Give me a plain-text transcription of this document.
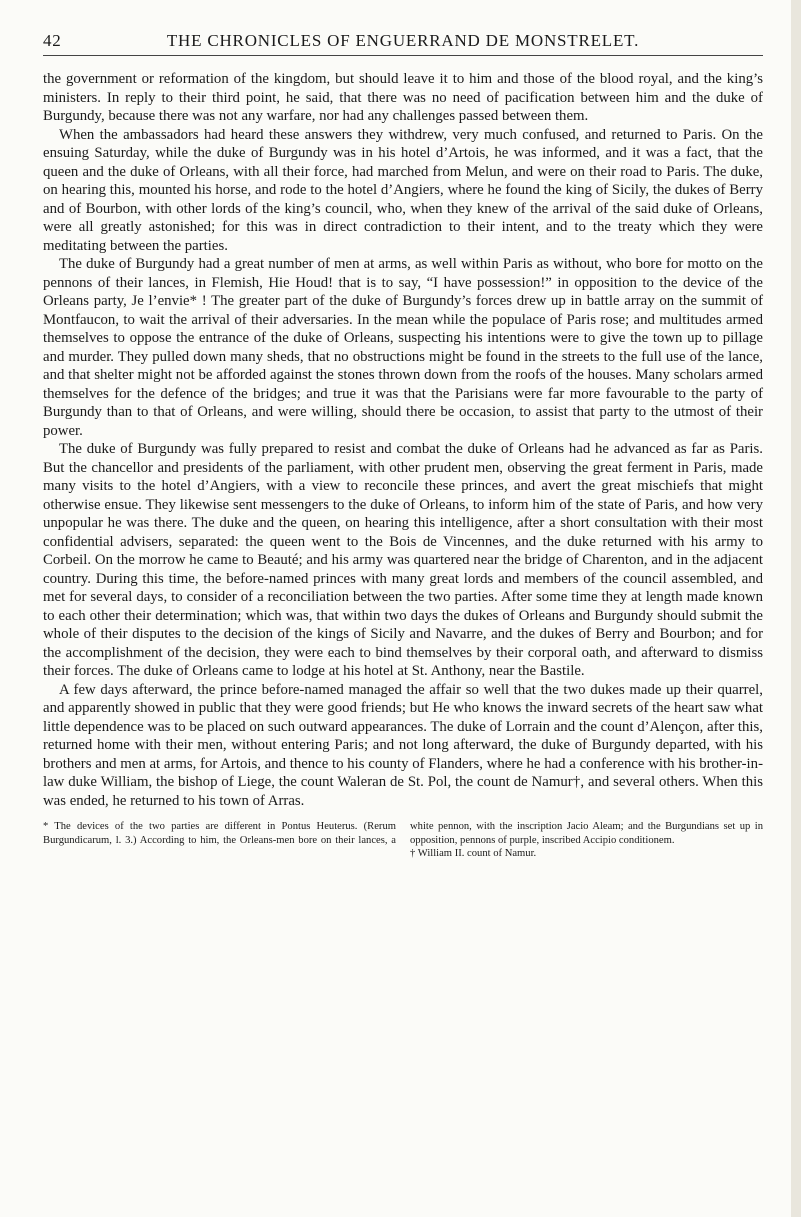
42	THE CHRONICLES OF ENGUERRAND DE MONSTRELET.

the government or reformation of the kingdom, but should leave it to him and those of the blood royal, and the king’s ministers. In reply to their third point, he said, that there was no need of pacification between him and the duke of Burgundy, because there was not any warfare, nor had any challenges passed between them.

When the ambassadors had heard these answers they withdrew, very much confused, and returned to Paris. On the ensuing Saturday, while the duke of Burgundy was in his hotel d’Artois, he was informed, and it was a fact, that the queen and the duke of Orleans, with all their force, had marched from Melun, and were on their road to Paris. The duke, on hearing this, mounted his horse, and rode to the hotel d’Angiers, where he found the king of Sicily, the dukes of Berry and of Bourbon, with other lords of the king’s council, who, when they knew of the arrival of the said duke of Orleans, were all greatly astonished; for this was in direct contradiction to their intent, and to the treaty which they were meditating between the parties.

The duke of Burgundy had a great number of men at arms, as well within Paris as without, who bore for motto on the pennons of their lances, in Flemish, Hie Houd! that is to say, “I have possession!” in opposition to the device of the Orleans party, Je l’envie* ! The greater part of the duke of Burgundy’s forces drew up in battle array on the summit of Montfaucon, to wait the arrival of their adversaries. In the mean while the populace of Paris rose; and multitudes armed themselves to oppose the entrance of the duke of Orleans, suspecting his intentions were to give the town up to pillage and murder. They pulled down many sheds, that no obstructions might be found in the streets to the full use of the lance, and that shelter might not be afforded against the stones thrown down from the roofs of the houses. Many scholars armed themselves for the defence of the bridges; and true it was that the Parisians were far more favourable to the party of Burgundy than to that of Orleans, and were willing, should there be occasion, to assist that party to the utmost of their power.

The duke of Burgundy was fully prepared to resist and combat the duke of Orleans had he advanced as far as Paris. But the chancellor and presidents of the parliament, with other prudent men, observing the great ferment in Paris, made many visits to the hotel d’Angiers, with a view to reconcile these princes, and avert the great mischiefs that might otherwise ensue. They likewise sent messengers to the duke of Orleans, to inform him of the state of Paris, and how very unpopular he was there. The duke and the queen, on hearing this intelligence, after a short consultation with their most confidential advisers, separated: the queen went to the Bois de Vincennes, and the duke returned with his army to Corbeil. On the morrow he came to Beauté; and his army was quartered near the bridge of Charenton, and in the adjacent country. During this time, the before-named princes with many great lords and members of the council assembled, and met for several days, to consider of a reconciliation between the two parties. After some time they at length made known to each other their determination; which was, that within two days the dukes of Orleans and Burgundy should submit the whole of their disputes to the decision of the kings of Sicily and Navarre, and the dukes of Berry and Bourbon; and for the accomplishment of the decision, they were each to bind themselves by their corporal oath, and afterward to dismiss their forces. The duke of Orleans came to lodge at his hotel at St. Anthony, near the Bastile.

A few days afterward, the prince before-named managed the affair so well that the two dukes made up their quarrel, and apparently showed in public that they were good friends; but He who knows the inward secrets of the heart saw what little dependence was to be placed on such outward appearances. The duke of Lorrain and the count d’Alençon, after this, returned home with their men, without entering Paris; and not long afterward, the duke of Burgundy departed, with his brothers and men at arms, for Artois, and thence to his county of Flanders, where he had a conference with his brother-in-law duke William, the bishop of Liege, the count Waleran de St. Pol, the count de Namur†, and several others. When this was ended, he returned to his town of Arras.

* The devices of the two parties are different in Pontus Heuterus. (Rerum Burgundicarum, l. 3.) According to him, the Orleans-men bore on their lances, a white pennon, with the inscription Jacio Aleam; and the Burgundians set up in opposition, pennons of purple, inscribed Accipio conditionem.

† William II. count of Namur.
